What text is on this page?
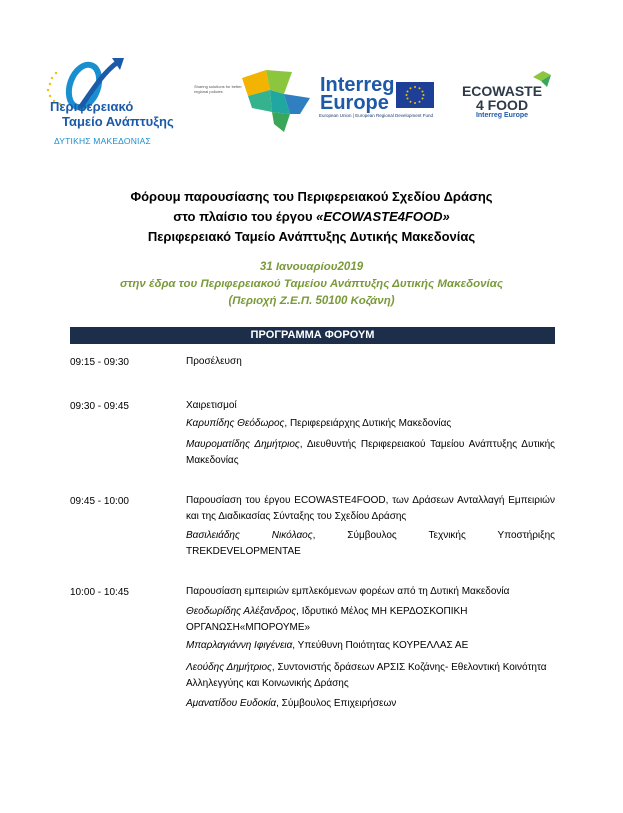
Περιφερειακό
Ταμείο Ανάπτυξης
ΔΥΤΙΚΗΣ ΜΑΚΕΔΟΝΙΑΣ
Sharing solutions for better regional policies	Interreg
Europe
European Union | European Regional Development Fund
ECOWASTE
4 FOOD
Interreg Europe
Φόρουμ παρουσίασης του Περιφερειακού Σχεδίου Δράσης
στο πλαίσιο του έργου «ECOWASTE4FOOD»
Περιφερειακό Ταμείο Ανάπτυξης Δυτικής Μακεδονίας
31 Ιανουαρίου2019
στην έδρα του Περιφερειακού Ταμείου Ανάπτυξης Δυτικής Μακεδονίας
(Περιοχή Ζ.Ε.Π. 50100 Κοζάνη)
ΠΡΟΓΡΑΜΜΑ ΦΟΡΟΥΜ
09:15 - 09:30	Προσέλευση
09:30 - 09:45	Χαιρετισμοί
Καρυπίδης Θεόδωρος, Περιφερειάρχης Δυτικής Μακεδονίας
Μαυροματίδης Δημήτριος, Διευθυντής Περιφερειακού Ταμείου Ανάπτυξης Δυτικής Μακεδονίας
09:45 - 10:00	Παρουσίαση του έργου ECOWASTE4FOOD, των Δράσεων Ανταλλαγή Εμπειριών και της Διαδικασίας Σύνταξης του Σχεδίου Δράσης
Βασιλειάδης Νικόλαος, Σύμβουλος Τεχνικής Υποστήριξης TREKDEVELOPMENTAE
10:00 - 10:45	Παρουσίαση εμπειριών εμπλεκόμενων φορέων από τη Δυτική Μακεδονία
Θεοδωρίδης Αλέξανδρος, Ιδρυτικό Μέλος ΜΗ ΚΕΡΔΟΣΚΟΠΙΚΗ ΟΡΓΑΝΩΣΗ«ΜΠΟΡΟΥΜΕ»
Μπαρλαγιάννη Ιφιγένεια, Υπεύθυνη Ποιότητας ΚΟΥΡΕΛΛΑΣ ΑΕ
Λεούδης Δημήτριος, Συντονιστής δράσεων ΑΡΣΙΣ Κοζάνης- Εθελοντική Κοινότητα Αλληλεγγύης και Κοινωνικής Δράσης
Αμανατίδου Ευδοκία, Σύμβουλος Επιχειρήσεων
